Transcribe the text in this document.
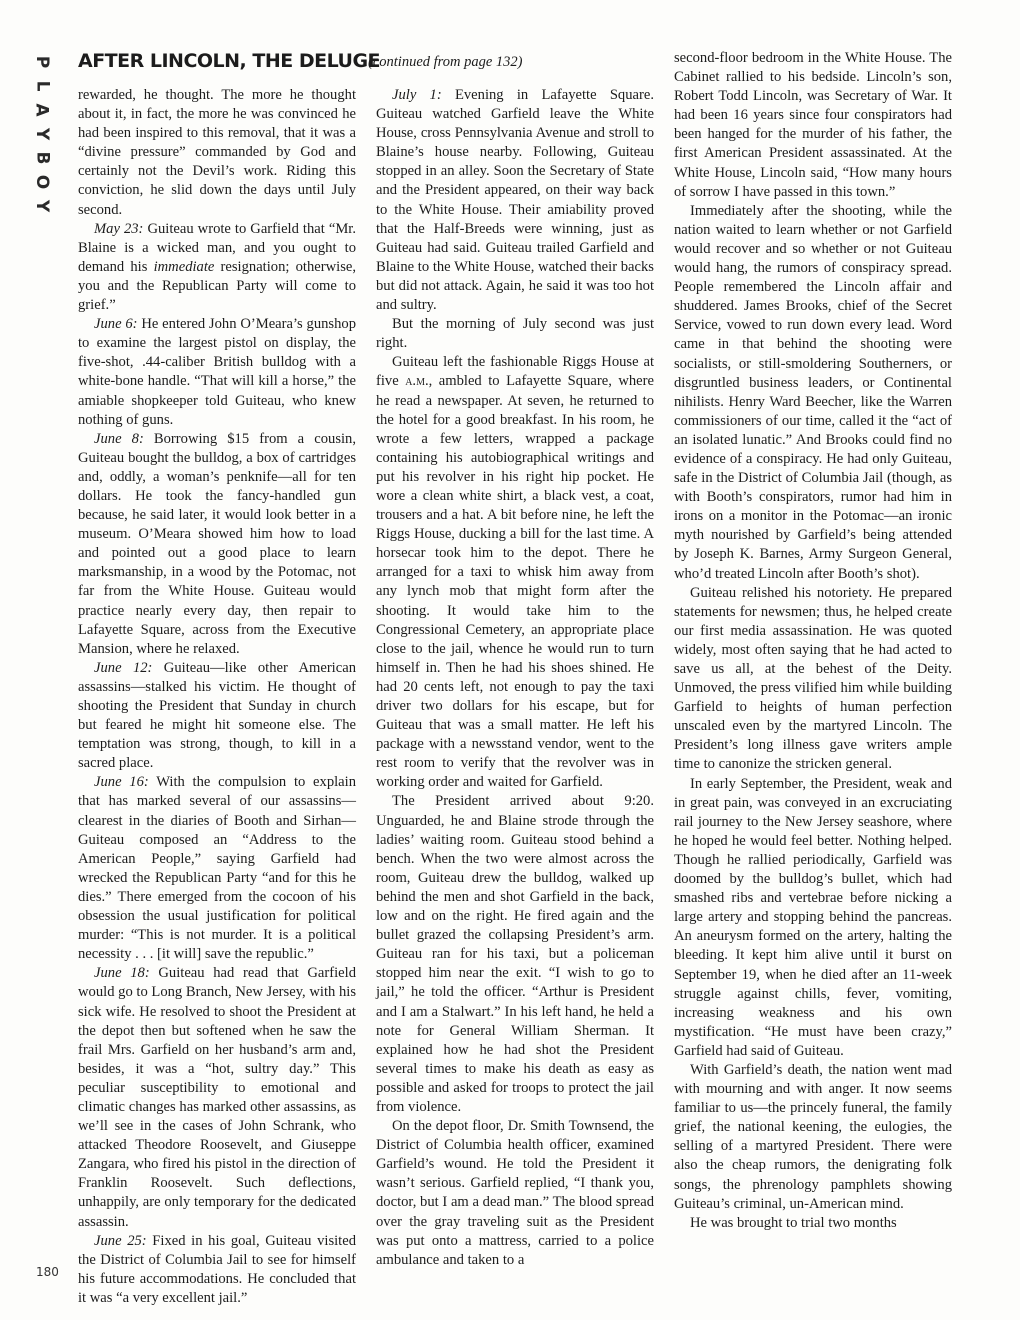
P
L
A
Y
B
O
Y
AFTER LINCOLN, THE DELUGE
(continued from page 132)

rewarded, he thought. The more he thought about it, in fact, the more he was convinced he had been inspired to this removal, that it was a “divine pressure” commanded by God and certainly not the Devil’s work. Riding this conviction, he slid down the days until July second.

May 23: Guiteau wrote to Garfield that “Mr. Blaine is a wicked man, and you ought to demand his immediate resignation; otherwise, you and the Republican Party will come to grief.”

June 6: He entered John O’Meara’s gunshop to examine the largest pistol on display, the five-shot, .44-caliber British bulldog with a white-bone handle. “That will kill a horse,” the amiable shopkeeper told Guiteau, who knew nothing of guns.

June 8: Borrowing $15 from a cousin, Guiteau bought the bulldog, a box of cartridges and, oddly, a woman’s penknife—all for ten dollars. He took the fancy-handled gun because, he said later, it would look better in a museum. O’Meara showed him how to load and pointed out a good place to learn marksmanship, in a wood by the Potomac, not far from the White House. Guiteau would practice nearly every day, then repair to Lafayette Square, across from the Executive Mansion, where he relaxed.

June 12: Guiteau—like other American assassins—stalked his victim. He thought of shooting the President that Sunday in church but feared he might hit someone else. The temptation was strong, though, to kill in a sacred place.

June 16: With the compulsion to explain that has marked several of our assassins—clearest in the diaries of Booth and Sirhan—Guiteau composed an “Address to the American People,” saying Garfield had wrecked the Republican Party “and for this he dies.” There emerged from the cocoon of his obsession the usual justification for political murder: “This is not murder. It is a political necessity . . . [it will] save the republic.”

June 18: Guiteau had read that Garfield would go to Long Branch, New Jersey, with his sick wife. He resolved to shoot the President at the depot then but softened when he saw the frail Mrs. Garfield on her husband’s arm and, besides, it was a “hot, sultry day.” This peculiar susceptibility to emotional and climatic changes has marked other assassins, as we’ll see in the cases of John Schrank, who attacked Theodore Roosevelt, and Giuseppe Zangara, who fired his pistol in the direction of Franklin Roosevelt. Such deflections, unhappily, are only temporary for the dedicated assassin.

June 25: Fixed in his goal, Guiteau visited the District of Columbia Jail to see for himself his future accommodations. He concluded that it was “a very excellent jail.”

July 1: Evening in Lafayette Square. Guiteau watched Garfield leave the White House, cross Pennsylvania Avenue and stroll to Blaine’s house nearby. Following, Guiteau stopped in an alley. Soon the Secretary of State and the President appeared, on their way back to the White House. Their amiability proved that the Half-Breeds were winning, just as Guiteau had said. Guiteau trailed Garfield and Blaine to the White House, watched their backs but did not attack. Again, he said it was too hot and sultry.

But the morning of July second was just right.

Guiteau left the fashionable Riggs House at five a.m., ambled to Lafayette Square, where he read a newspaper. At seven, he returned to the hotel for a good breakfast. In his room, he wrote a few letters, wrapped a package containing his autobiographical writings and put his revolver in his right hip pocket. He wore a clean white shirt, a black vest, a coat, trousers and a hat. A bit before nine, he left the Riggs House, ducking a bill for the last time. A horsecar took him to the depot. There he arranged for a taxi to whisk him away from any lynch mob that might form after the shooting. It would take him to the Congressional Cemetery, an appropriate place close to the jail, whence he would run to turn himself in. Then he had his shoes shined. He had 20 cents left, not enough to pay the taxi driver two dollars for his escape, but for Guiteau that was a small matter. He left his package with a newsstand vendor, went to the rest room to verify that the revolver was in working order and waited for Garfield.

The President arrived about 9:20. Unguarded, he and Blaine strode through the ladies’ waiting room. Guiteau stood behind a bench. When the two were almost across the room, Guiteau drew the bulldog, walked up behind the men and shot Garfield in the back, low and on the right. He fired again and the bullet grazed the collapsing President’s arm. Guiteau ran for his taxi, but a policeman stopped him near the exit. “I wish to go to jail,” he told the officer. “Arthur is President and I am a Stalwart.” In his left hand, he held a note for General William Sherman. It explained how he had shot the President several times to make his death as easy as possible and asked for troops to protect the jail from violence.

On the depot floor, Dr. Smith Townsend, the District of Columbia health officer, examined Garfield’s wound. He told the President it wasn’t serious. Garfield replied, “I thank you, doctor, but I am a dead man.” The blood spread over the gray traveling suit as the President was put onto a mattress, carried to a police ambulance and taken to a

second-floor bedroom in the White House. The Cabinet rallied to his bedside. Lincoln’s son, Robert Todd Lincoln, was Secretary of War. It had been 16 years since four conspirators had been hanged for the murder of his father, the first American President assassinated. At the White House, Lincoln said, “How many hours of sorrow I have passed in this town.”

Immediately after the shooting, while the nation waited to learn whether or not Garfield would recover and so whether or not Guiteau would hang, the rumors of conspiracy spread. People remembered the Lincoln affair and shuddered. James Brooks, chief of the Secret Service, vowed to run down every lead. Word came in that behind the shooting were socialists, or still-smoldering Southerners, or disgruntled business leaders, or Continental nihilists. Henry Ward Beecher, like the Warren commissioners of our time, called it the “act of an isolated lunatic.” And Brooks could find no evidence of a conspiracy. He had only Guiteau, safe in the District of Columbia Jail (though, as with Booth’s conspirators, rumor had him in irons on a monitor in the Potomac—an ironic myth nourished by Garfield’s being attended by Joseph K. Barnes, Army Surgeon General, who’d treated Lincoln after Booth’s shot).

Guiteau relished his notoriety. He prepared statements for newsmen; thus, he helped create our first media assassination. He was quoted widely, most often saying that he had acted to save us all, at the behest of the Deity. Unmoved, the press vilified him while building Garfield to heights of human perfection unscaled even by the martyred Lincoln. The President’s long illness gave writers ample time to canonize the stricken general.

In early September, the President, weak and in great pain, was conveyed in an excruciating rail journey to the New Jersey seashore, where he hoped he would feel better. Nothing helped. Though he rallied periodically, Garfield was doomed by the bulldog’s bullet, which had smashed ribs and vertebrae before nicking a large artery and stopping behind the pancreas. An aneurysm formed on the artery, halting the bleeding. It kept him alive until it burst on September 19, when he died after an 11-week struggle against chills, fever, vomiting, increasing weakness and his own mystification. “He must have been crazy,” Garfield had said of Guiteau.

With Garfield’s death, the nation went mad with mourning and with anger. It now seems familiar to us—the princely funeral, the family grief, the national keening, the eulogies, the selling of a martyred President. There were also the cheap rumors, the denigrating folk songs, the phrenology pamphlets showing Guiteau’s criminal, un-American mind.

He was brought to trial two months

180
